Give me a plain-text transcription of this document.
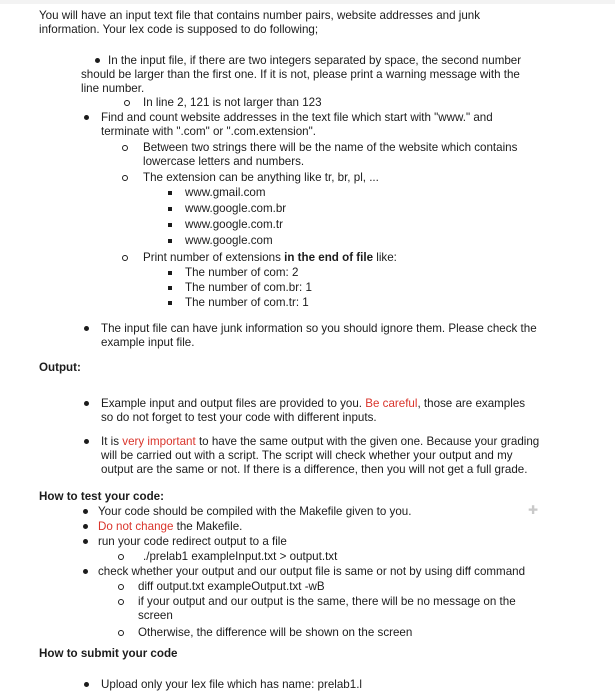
You will have an input text file that contains number pairs, website addresses and junk
information. Your lex code is supposed to do following;
In the input file, if there are two integers separated by space, the second number
should be larger than the first one. If it is not, please print a warning message with the
line number.
In line 2, 121 is not larger than 123
Find and count website addresses in the text file which start with "www." and
terminate with ".com" or ".com.extension".
Between two strings there will be the name of the website which contains
lowercase letters and numbers.
The extension can be anything like tr, br, pl, ...
www.gmail.com
www.google.com.br
www.google.com.tr
www.google.com
Print number of extensions in the end of file like:
The number of com: 2
The number of com.br: 1
The number of com.tr: 1
The input file can have junk information so you should ignore them. Please check the
example input file.
Output:
Example input and output files are provided to you. Be careful, those are examples
so do not forget to test your code with different inputs.
It is very important to have the same output with the given one. Because your grading
will be carried out with a script. The script will check whether your output and my
output are the same or not. If there is a difference, then you will not get a full grade.
How to test your code:
Your code should be compiled with the Makefile given to you.	✚
Do not change the Makefile.
run your code redirect output to a file
./prelab1 exampleInput.txt > output.txt
check whether your output and our output file is same or not by using diff command
diff output.txt exampleOutput.txt -wB
if your output and our output is the same, there will be no message on the
screen
Otherwise, the difference will be shown on the screen
How to submit your code
Upload only your lex file which has name: prelab1.l
